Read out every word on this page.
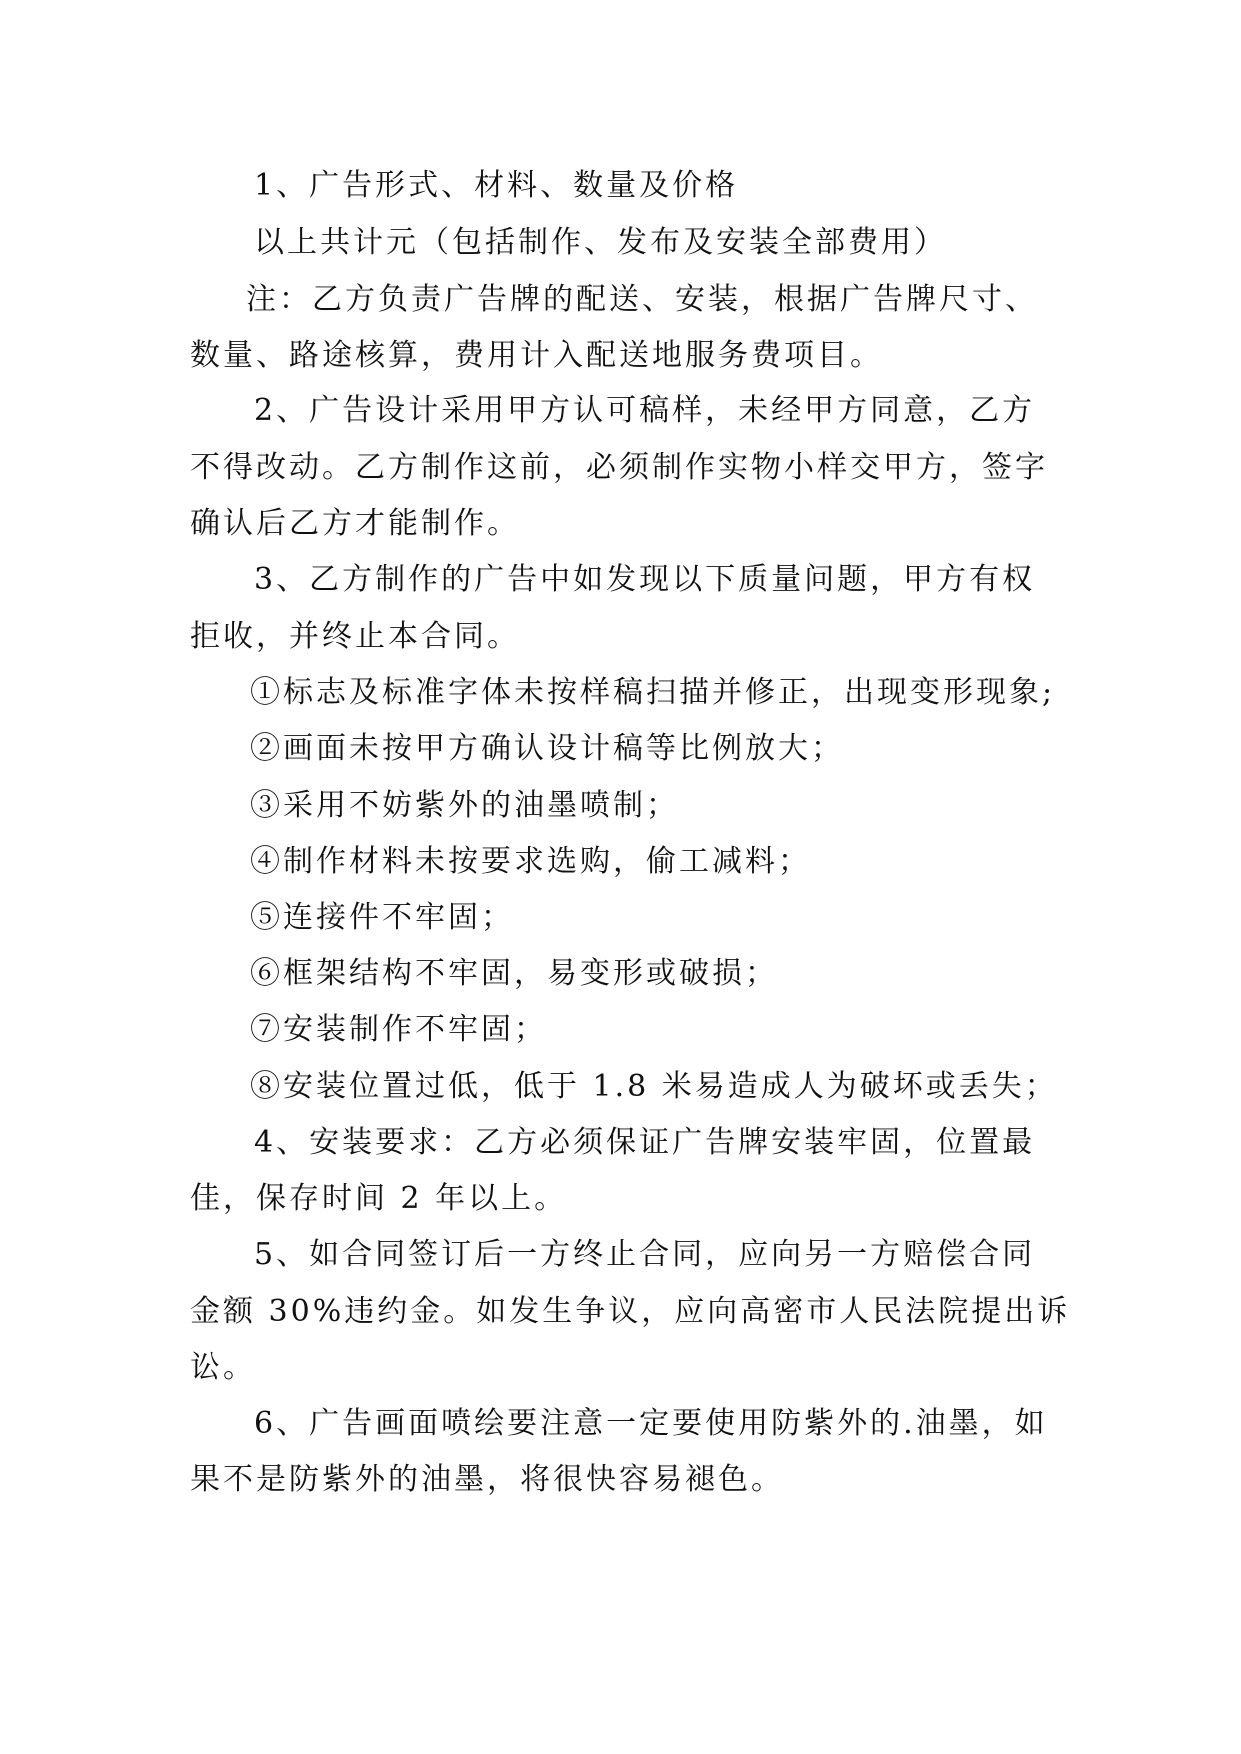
1、广告形式、材料、数量及价格
以上共计元（包括制作、发布及安装全部费用）
注：乙方负责广告牌的配送、安装，根据广告牌尺寸、
数量、路途核算，费用计入配送地服务费项目。
2、广告设计采用甲方认可稿样，未经甲方同意，乙方
不得改动。乙方制作这前，必须制作实物小样交甲方，签字
确认后乙方才能制作。
3、乙方制作的广告中如发现以下质量问题，甲方有权
拒收，并终止本合同。
①标志及标准字体未按样稿扫描并修正，出现变形现象;
②画面未按甲方确认设计稿等比例放大；
③采用不妨紫外的油墨喷制；
④制作材料未按要求选购，偷工减料；
⑤连接件不牢固；
⑥框架结构不牢固，易变形或破损；
⑦安装制作不牢固；
⑧安装位置过低，低于 1.8 米易造成人为破坏或丢失；
4、安装要求：乙方必须保证广告牌安装牢固，位置最
佳，保存时间 2 年以上。
5、如合同签订后一方终止合同，应向另一方赔偿合同
金额 30%违约金。如发生争议，应向高密市人民法院提出诉
讼。
6、广告画面喷绘要注意一定要使用防紫外的.油墨，如
果不是防紫外的油墨，将很快容易褪色。
